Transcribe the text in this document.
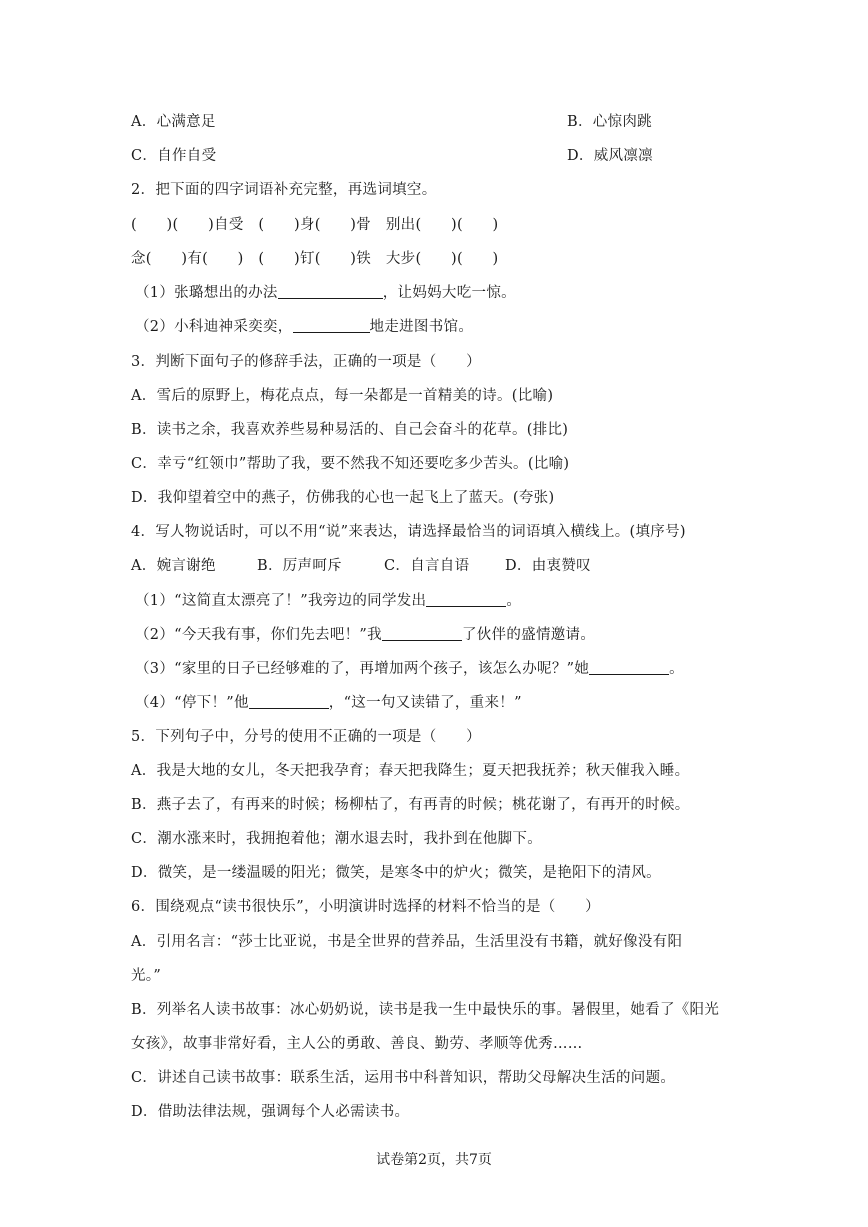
A．心满意足	B．心惊肉跳
C．自作自受	D．威风凛凛
2．把下面的四字词语补充完整，再选词填空。
(　　)(　　)自受　(　　)身(　　)骨　别出(　　)(　　)
念(　　)有(　　)　(　　)钉(　　)铁　大步(　　)(　　)
（1）张璐想出的办法	，让妈妈大吃一惊。
（2）小科迪神采奕奕，	地走进图书馆。
3．判断下面句子的修辞手法，正确的一项是（　　）
A．雪后的原野上，梅花点点，每一朵都是一首精美的诗。(比喻)
B．读书之余，我喜欢养些易种易活的、自己会奋斗的花草。(排比)
C．幸亏“红领巾”帮助了我，要不然我不知还要吃多少苦头。(比喻)
D．我仰望着空中的燕子，仿佛我的心也一起飞上了蓝天。(夸张)
4．写人物说话时，可以不用“说”来表达，请选择最恰当的词语填入横线上。(填序号)
A．婉言谢绝	B．厉声呵斥	C．自言自语 D．由衷赞叹
（1）“这简直太漂亮了！”我旁边的同学发出	。
（2）“今天我有事，你们先去吧！”我	了伙伴的盛情邀请。
（3）“家里的日子已经够难的了，再增加两个孩子，该怎么办呢？”她	。
（4）“停下！”他	，“这一句又读错了，重来！”
5．下列句子中，分号的使用不正确的一项是（　　）
A．我是大地的女儿，冬天把我孕育；春天把我降生；夏天把我抚养；秋天催我入睡。
B．燕子去了，有再来的时候；杨柳枯了，有再青的时候；桃花谢了，有再开的时候。
C．潮水涨来时，我拥抱着他；潮水退去时，我扑到在他脚下。
D．微笑，是一缕温暖的阳光；微笑，是寒冬中的炉火；微笑，是艳阳下的清风。
6．围绕观点“读书很快乐”，小明演讲时选择的材料不恰当的是（　　）
A．引用名言：“莎士比亚说，书是全世界的营养品，生活里没有书籍，就好像没有阳
光。”
B．列举名人读书故事：冰心奶奶说，读书是我一生中最快乐的事。暑假里，她看了《阳光
女孩》，故事非常好看，主人公的勇敢、善良、勤劳、孝顺等优秀……
C．讲述自己读书故事：联系生活，运用书中科普知识，帮助父母解决生活的问题。
D．借助法律法规，强调每个人必需读书。
试卷第2页，共7页
